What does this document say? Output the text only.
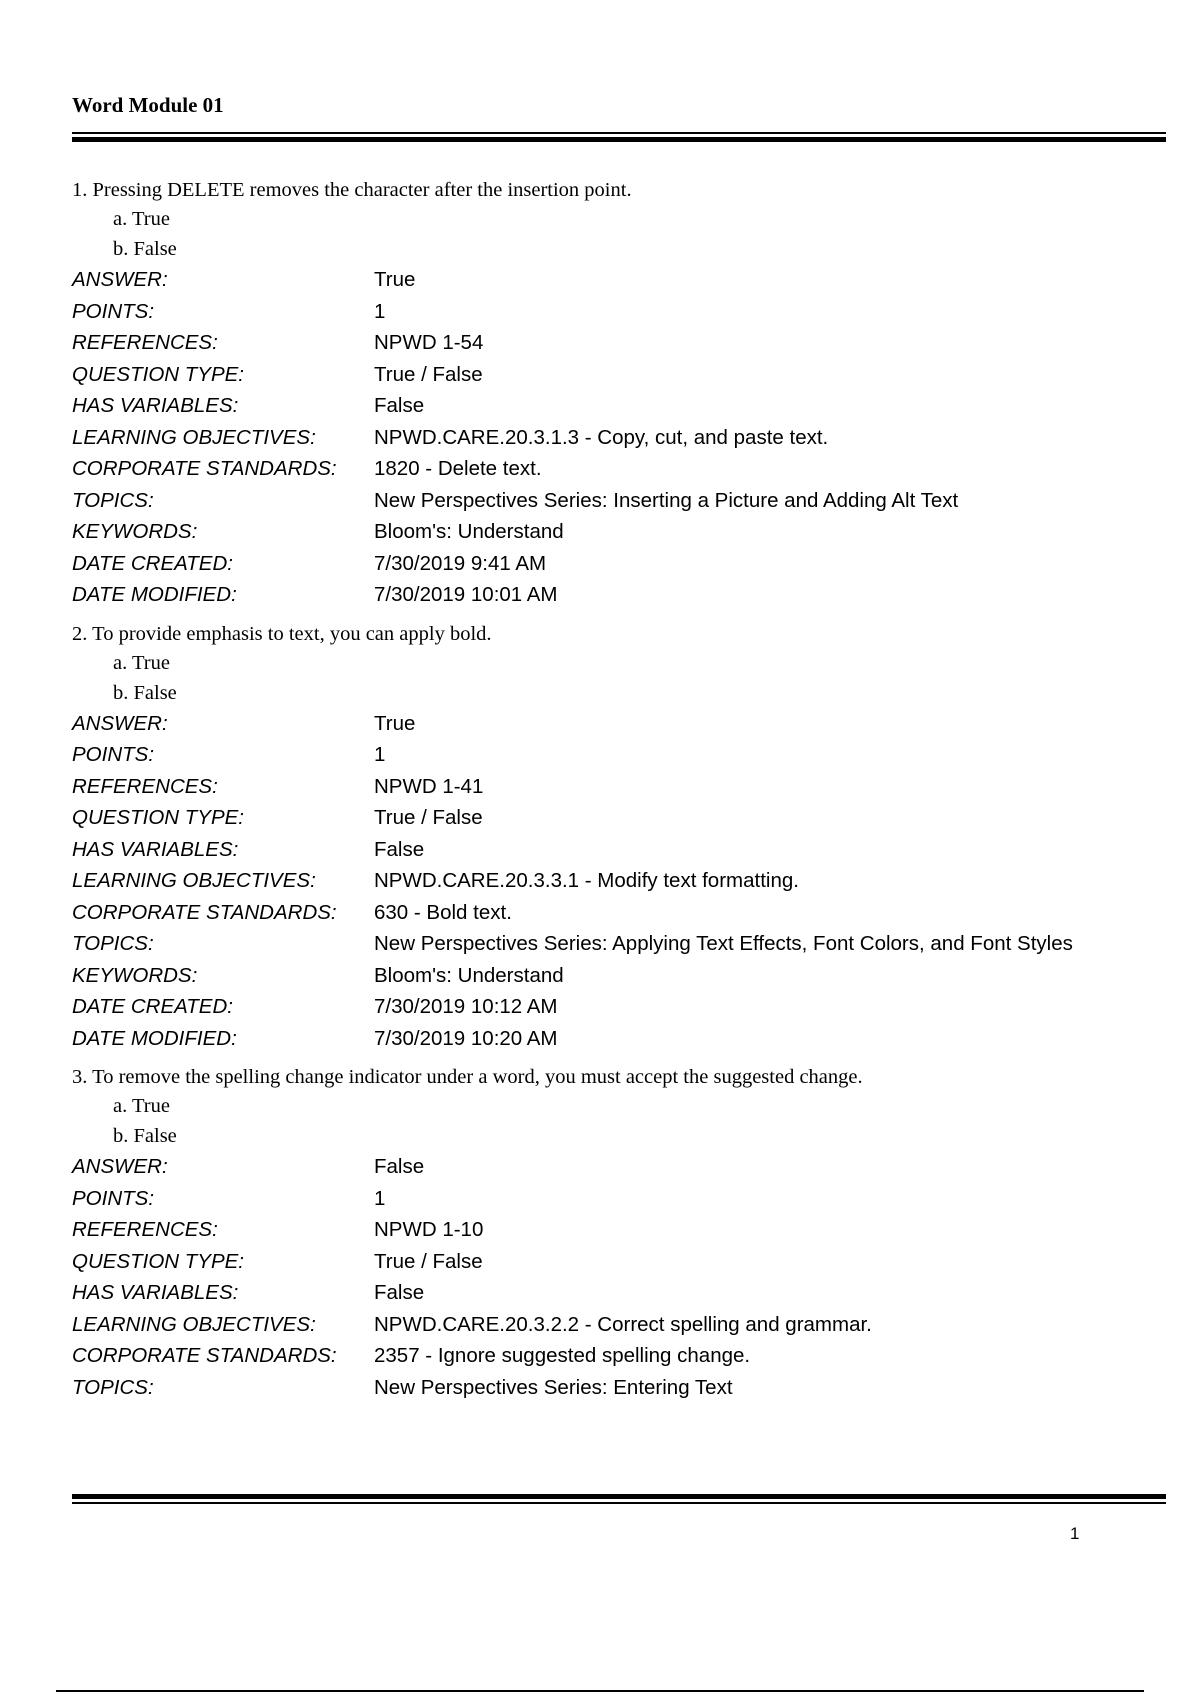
Word Module 01
1. Pressing DELETE removes the character after the insertion point.
a. True
b. False
ANSWER:	True
POINTS:	1
REFERENCES:	NPWD 1-54
QUESTION TYPE:	True / False
HAS VARIABLES:	False
LEARNING OBJECTIVES:	NPWD.CARE.20.3.1.3 - Copy, cut, and paste text.
CORPORATE STANDARDS:	1820 - Delete text.
TOPICS:	New Perspectives Series: Inserting a Picture and Adding Alt Text
KEYWORDS:	Bloom's: Understand
DATE CREATED:	7/30/2019 9:41 AM
DATE MODIFIED:	7/30/2019 10:01 AM
2. To provide emphasis to text, you can apply bold.
a. True
b. False
ANSWER:	True
POINTS:	1
REFERENCES:	NPWD 1-41
QUESTION TYPE:	True / False
HAS VARIABLES:	False
LEARNING OBJECTIVES:	NPWD.CARE.20.3.3.1 - Modify text formatting.
CORPORATE STANDARDS:	630 - Bold text.
TOPICS:	New Perspectives Series: Applying Text Effects, Font Colors, and Font Styles
KEYWORDS:	Bloom's: Understand
DATE CREATED:	7/30/2019 10:12 AM
DATE MODIFIED:	7/30/2019 10:20 AM
3. To remove the spelling change indicator under a word, you must accept the suggested change.
a. True
b. False
ANSWER:	False
POINTS:	1
REFERENCES:	NPWD 1-10
QUESTION TYPE:	True / False
HAS VARIABLES:	False
LEARNING OBJECTIVES:	NPWD.CARE.20.3.2.2 - Correct spelling and grammar.
CORPORATE STANDARDS:	2357 - Ignore suggested spelling change.
TOPICS:	New Perspectives Series: Entering Text
1
